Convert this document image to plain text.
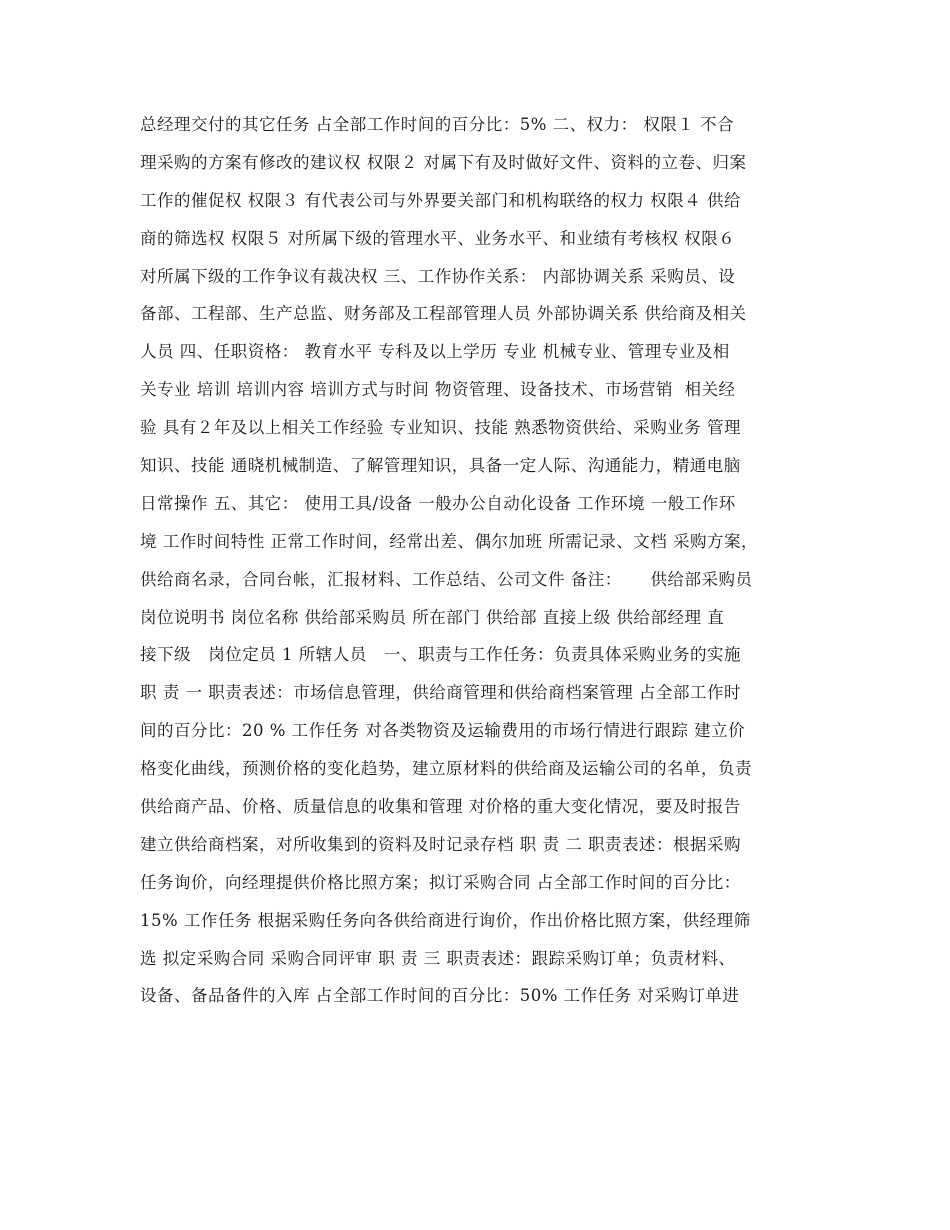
总经理交付的其它任务 占全部工作时间的百分比：5% 二、权力： 权限１ 不合
理采购的方案有修改的建议权 权限２ 对属下有及时做好文件、资料的立卷、归案
工作的催促权 权限３ 有代表公司与外界要关部门和机构联络的权力 权限４ 供给
商的筛选权 权限５ 对所属下级的管理水平、业务水平、和业绩有考核权 权限６
对所属下级的工作争议有裁决权 三、工作协作关系： 内部协调关系 采购员、设
备部、工程部、生产总监、财务部及工程部管理人员 外部协调关系 供给商及相关
人员 四、任职资格： 教育水平 专科及以上学历 专业 机械专业、管理专业及相
关专业 培训 培训内容 培训方式与时间 物资管理、设备技术、市场营销  相关经
验 具有２年及以上相关工作经验 专业知识、技能 熟悉物资供给、采购业务 管理
知识、技能 通晓机械制造、了解管理知识，具备一定人际、沟通能力，精通电脑
日常操作 五、其它： 使用工具/设备 一般办公自动化设备 工作环境 一般工作环
境 工作时间特性 正常工作时间，经常出差、偶尔加班 所需记录、文档 采购方案，
供给商名录，合同台帐，汇报材料、工作总结、公司文件 备注：     供给部采购员
岗位说明书 岗位名称 供给部采购员 所在部门 供给部 直接上级 供给部经理 直
接下级   岗位定员 1 所辖人员   一、职责与工作任务：负责具体采购业务的实施
职 责 一 职责表述：市场信息管理，供给商管理和供给商档案管理 占全部工作时
间的百分比：20 % 工作任务 对各类物资及运输费用的市场行情进行跟踪 建立价
格变化曲线，预测价格的变化趋势，建立原材料的供给商及运输公司的名单，负责
供给商产品、价格、质量信息的收集和管理 对价格的重大变化情况，要及时报告
建立供给商档案，对所收集到的资料及时记录存档 职 责 二 职责表述：根据采购
任务询价，向经理提供价格比照方案；拟订采购合同 占全部工作时间的百分比：
15% 工作任务 根据采购任务向各供给商进行询价，作出价格比照方案，供经理筛
选 拟定采购合同 采购合同评审 职 责 三 职责表述：跟踪采购订单；负责材料、
设备、备品备件的入库 占全部工作时间的百分比：50% 工作任务 对采购订单进
